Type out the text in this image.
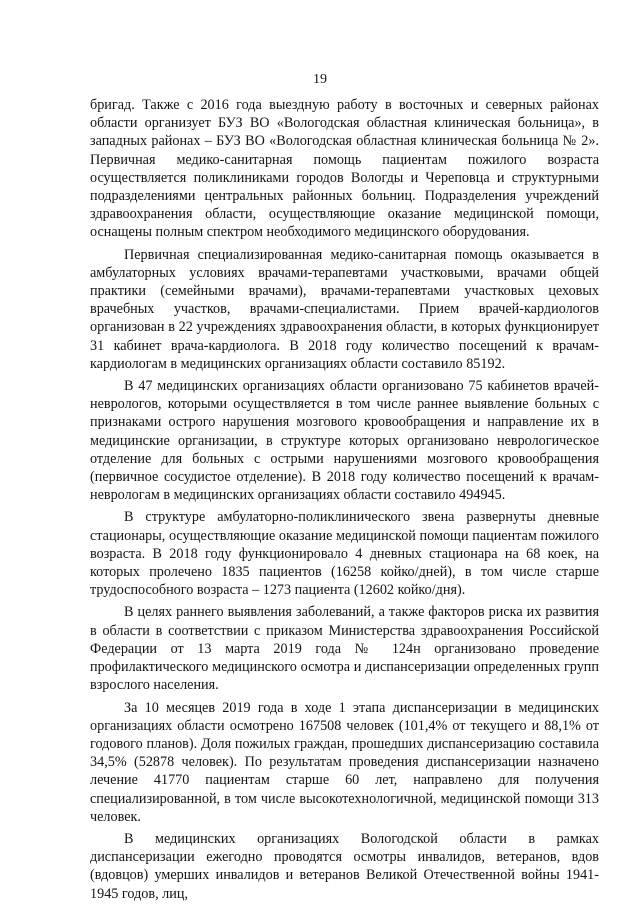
19

бригад. Также с 2016 года выездную работу в восточных и северных районах области организует БУЗ ВО «Вологодская областная клиническая больница», в западных районах – БУЗ ВО «Вологодская областная клиническая больница № 2». Первичная медико-санитарная помощь пациентам пожилого возраста осуществляется поликлиниками городов Вологды и Череповца и структурными подразделениями центральных районных больниц. Подразделения учреждений здравоохранения области, осуществляющие оказание медицинской помощи, оснащены полным спектром необходимого медицинского оборудования.

Первичная специализированная медико-санитарная помощь оказывается в амбулаторных условиях врачами-терапевтами участковыми, врачами общей практики (семейными врачами), врачами-терапевтами участковых цеховых врачебных участков, врачами-специалистами. Прием врачей-кардиологов организован в 22 учреждениях здравоохранения области, в которых функционирует 31 кабинет врача-кардиолога. В 2018 году количество посещений к врачам-кардиологам в медицинских организациях области составило 85192.

В 47 медицинских организациях области организовано 75 кабинетов врачей-неврологов, которыми осуществляется в том числе раннее выявление больных с признаками острого нарушения мозгового кровообращения и направление их в медицинские организации, в структуре которых организовано неврологическое отделение для больных с острыми нарушениями мозгового кровообращения (первичное сосудистое отделение). В 2018 году количество посещений к врачам-неврологам в медицинских организациях области составило 494945.

В структуре амбулаторно-поликлинического звена развернуты дневные стационары, осуществляющие оказание медицинской помощи пациентам пожилого возраста. В 2018 году функционировало 4 дневных стационара на 68 коек, на которых пролечено 1835 пациентов (16258 койко/дней), в том числе старше трудоспособного возраста – 1273 пациента (12602 койко/дня).

В целях раннего выявления заболеваний, а также факторов риска их развития в области в соответствии с приказом Министерства здравоохранения Российской Федерации от 13 марта 2019 года № 124н организовано проведение профилактического медицинского осмотра и диспансеризации определенных групп взрослого населения.

За 10 месяцев 2019 года в ходе 1 этапа диспансеризации в медицинских организациях области осмотрено 167508 человек (101,4% от текущего и 88,1% от годового планов). Доля пожилых граждан, прошедших диспансеризацию составила 34,5% (52878 человек). По результатам проведения диспансеризации назначено лечение 41770 пациентам старше 60 лет, направлено для получения специализированной, в том числе высокотехнологичной, медицинской помощи 313 человек.

В медицинских организациях Вологодской области в рамках диспансеризации ежегодно проводятся осмотры инвалидов, ветеранов, вдов (вдовцов) умерших инвалидов и ветеранов Великой Отечественной войны 1941-1945 годов, лиц,
